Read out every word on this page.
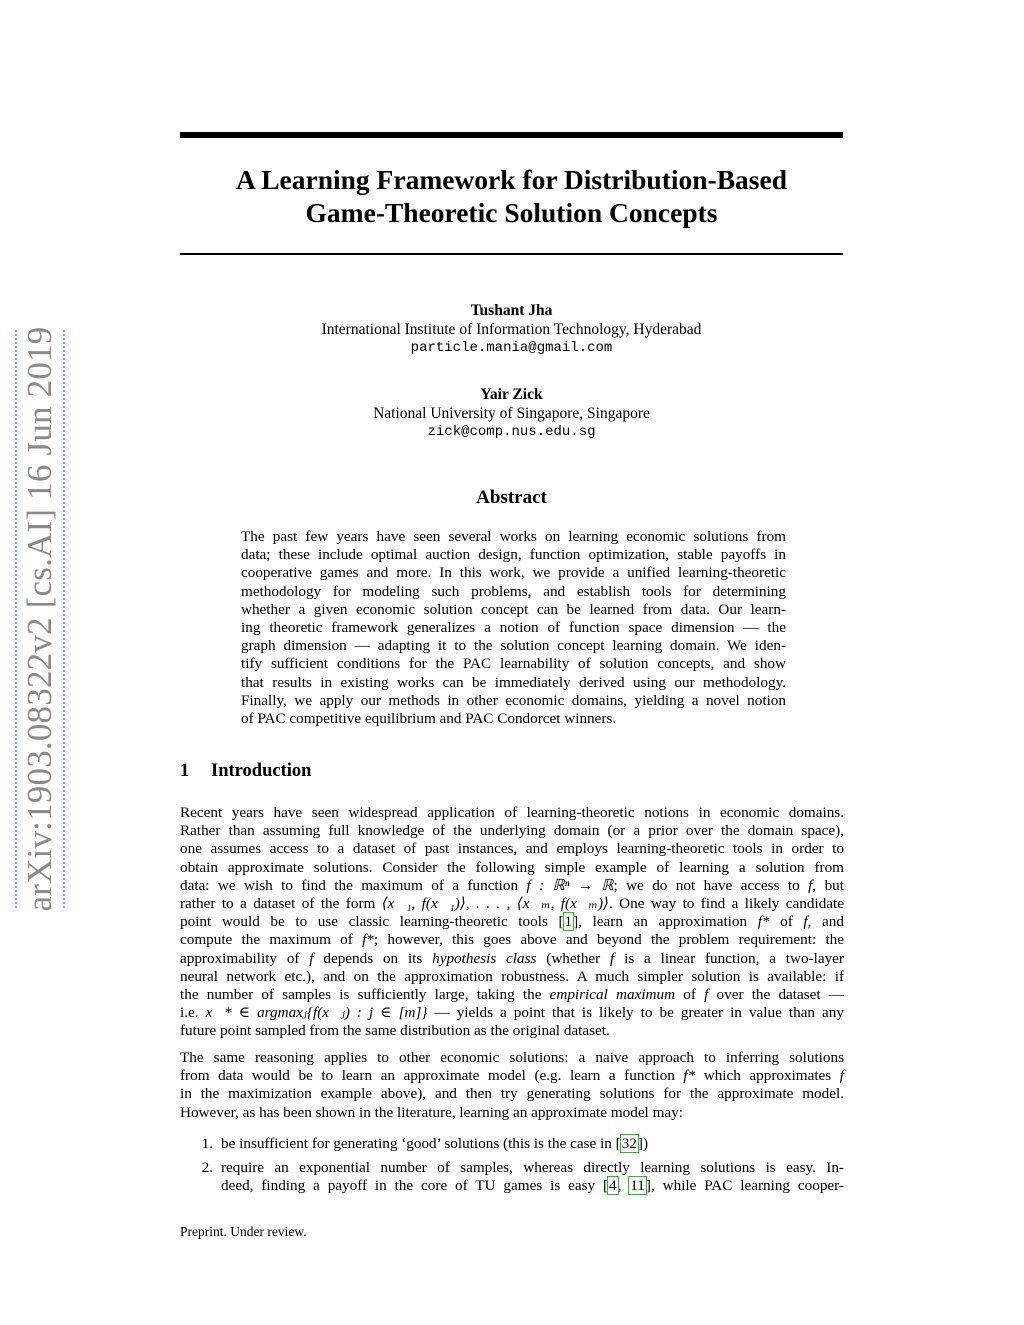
arXiv:1903.08322v2 [cs.AI] 16 Jun 2019
A Learning Framework for Distribution-Based
Game-Theoretic Solution Concepts
Tushant Jha
International Institute of Information Technology, Hyderabad
particle.mania@gmail.com
Yair Zick
National University of Singapore, Singapore
zick@comp.nus.edu.sg
Abstract
The past few years have seen several works on learning economic solutions from
data; these include optimal auction design, function optimization, stable payoffs in
cooperative games and more. In this work, we provide a unified learning-theoretic
methodology for modeling such problems, and establish tools for determining
whether a given economic solution concept can be learned from data. Our learn-
ing theoretic framework generalizes a notion of function space dimension — the
graph dimension — adapting it to the solution concept learning domain. We iden-
tify sufficient conditions for the PAC learnability of solution concepts, and show
that results in existing works can be immediately derived using our methodology.
Finally, we apply our methods in other economic domains, yielding a novel notion
of PAC competitive equilibrium and PAC Condorcet winners.
1 Introduction
Recent years have seen widespread application of learning-theoretic notions in economic domains.
Rather than assuming full knowledge of the underlying domain (or a prior over the domain space),
one assumes access to a dataset of past instances, and employs learning-theoretic tools in order to
obtain approximate solutions. Consider the following simple example of learning a solution from
data: we wish to find the maximum of a function f : ℝⁿ → ℝ; we do not have access to f, but
rather to a dataset of the form ⟨x⃗₁, f(x⃗₁)⟩, . . . , ⟨x⃗ₘ, f(x⃗ₘ)⟩. One way to find a likely candidate
point would be to use classic learning-theoretic tools [1], learn an approximation f* of f, and
compute the maximum of f*; however, this goes above and beyond the problem requirement: the
approximability of f depends on its hypothesis class (whether f is a linear function, a two-layer
neural network etc.), and on the approximation robustness. A much simpler solution is available: if
the number of samples is sufficiently large, taking the empirical maximum of f over the dataset —
i.e. x⃗* ∈ argmaxⱼ{f(x⃗ⱼ) : j ∈ [m]} — yields a point that is likely to be greater in value than any
future point sampled from the same distribution as the original dataset.
The same reasoning applies to other economic solutions: a naive approach to inferring solutions
from data would be to learn an approximate model (e.g. learn a function f* which approximates f
in the maximization example above), and then try generating solutions for the approximate model.
However, as has been shown in the literature, learning an approximate model may:
1. be insufficient for generating ‘good’ solutions (this is the case in [32])
2. require an exponential number of samples, whereas directly learning solutions is easy. In-
deed, finding a payoff in the core of TU games is easy [4, 11], while PAC learning cooper-
Preprint. Under review.
